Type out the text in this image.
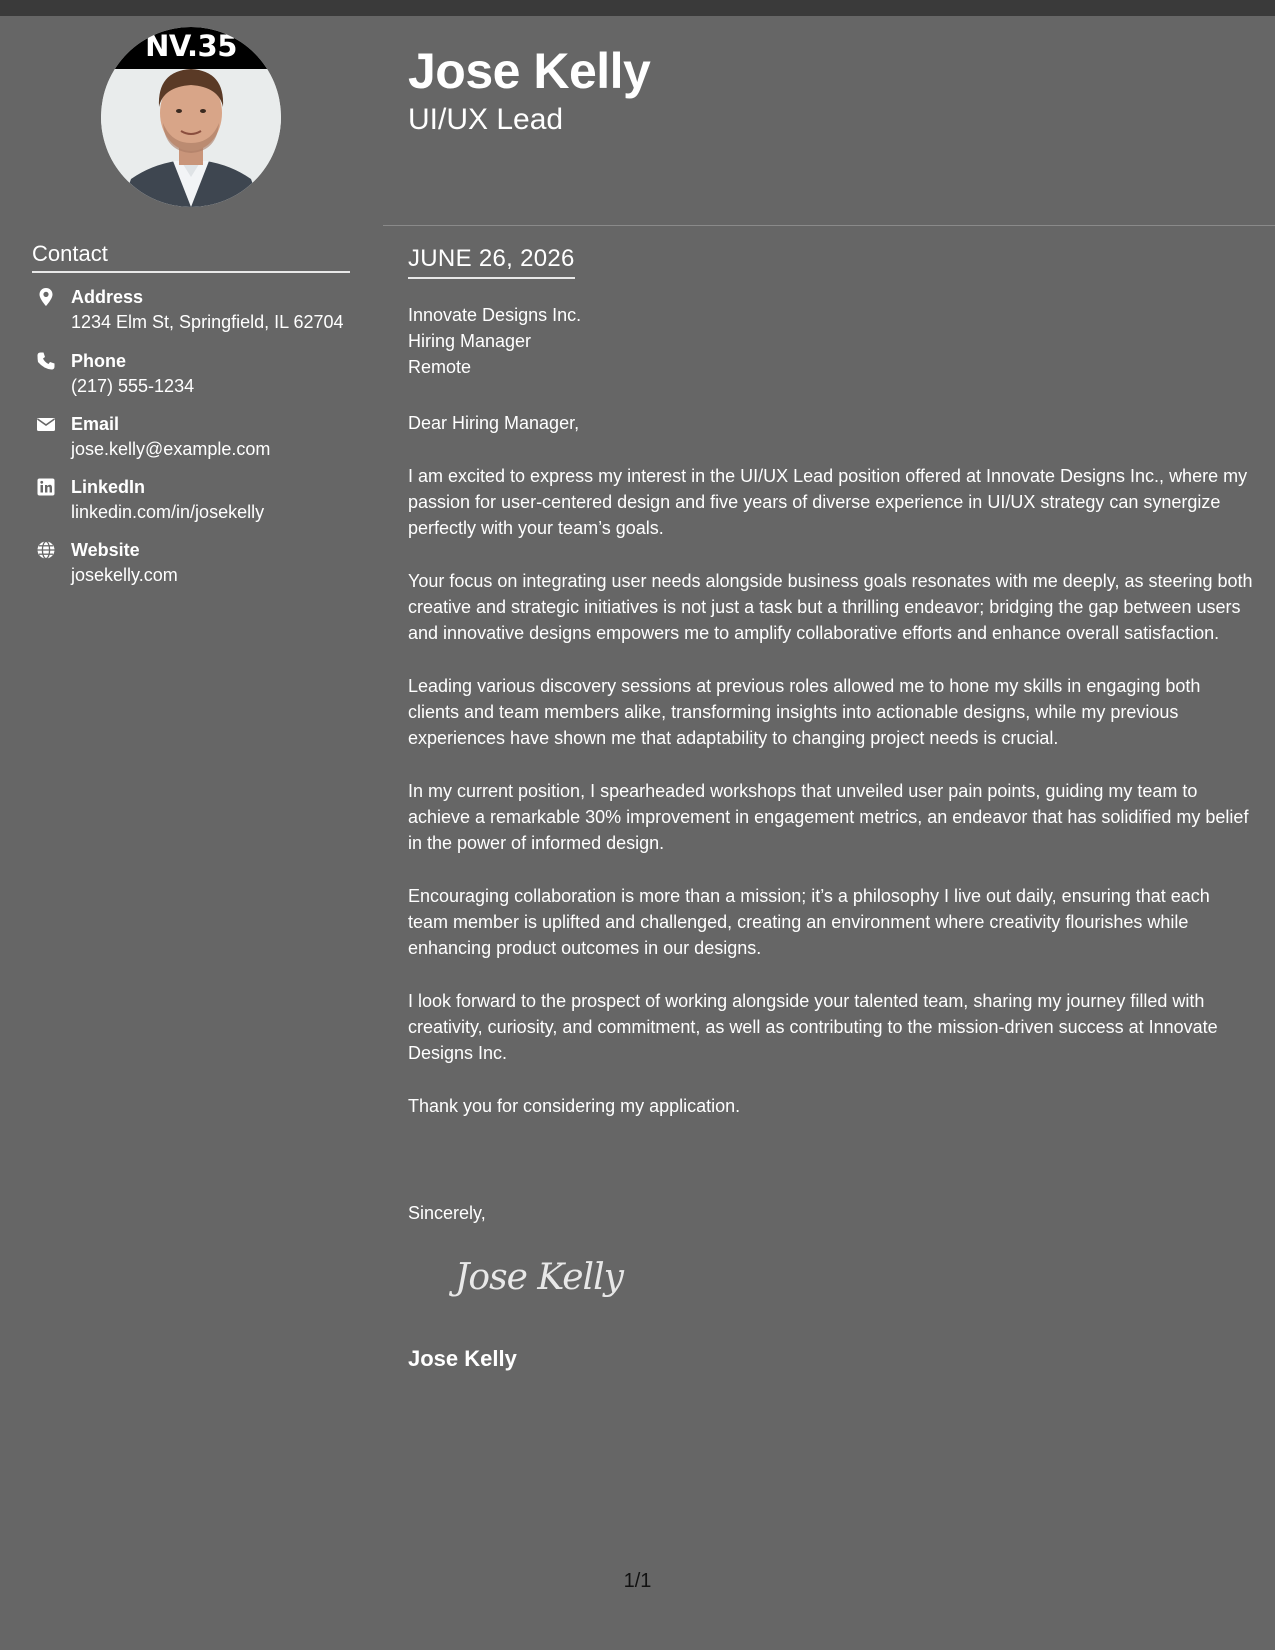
NV.35
Contact
Address
1234 Elm St, Springfield, IL 62704
Phone
(217) 555-1234
Email
jose.kelly@example.com
LinkedIn
linkedin.com/in/josekelly
Website
josekelly.com
Jose Kelly
UI/UX Lead
JUNE 26, 2026
Innovate Designs Inc.
Hiring Manager
Remote

Dear Hiring Manager,

I am excited to express my interest in the UI/UX Lead position offered at Innovate Designs Inc., where my passion for user-centered design and five years of diverse experience in UI/UX strategy can synergize perfectly with your team’s goals.

Your focus on integrating user needs alongside business goals resonates with me deeply, as steering both creative and strategic initiatives is not just a task but a thrilling endeavor; bridging the gap between users and innovative designs empowers me to amplify collaborative efforts and enhance overall satisfaction.

Leading various discovery sessions at previous roles allowed me to hone my skills in engaging both clients and team members alike, transforming insights into actionable designs, while my previous experiences have shown me that adaptability to changing project needs is crucial.

In my current position, I spearheaded workshops that unveiled user pain points, guiding my team to achieve a remarkable 30% improvement in engagement metrics, an endeavor that has solidified my belief in the power of informed design.

Encouraging collaboration is more than a mission; it’s a philosophy I live out daily, ensuring that each team member is uplifted and challenged, creating an environment where creativity flourishes while enhancing product outcomes in our designs.

I look forward to the prospect of working alongside your talented team, sharing my journey filled with creativity, curiosity, and commitment, as well as contributing to the mission-driven success at Innovate Designs Inc.

Thank you for considering my application.

Sincerely,
Jose Kelly
Jose Kelly
1/1
